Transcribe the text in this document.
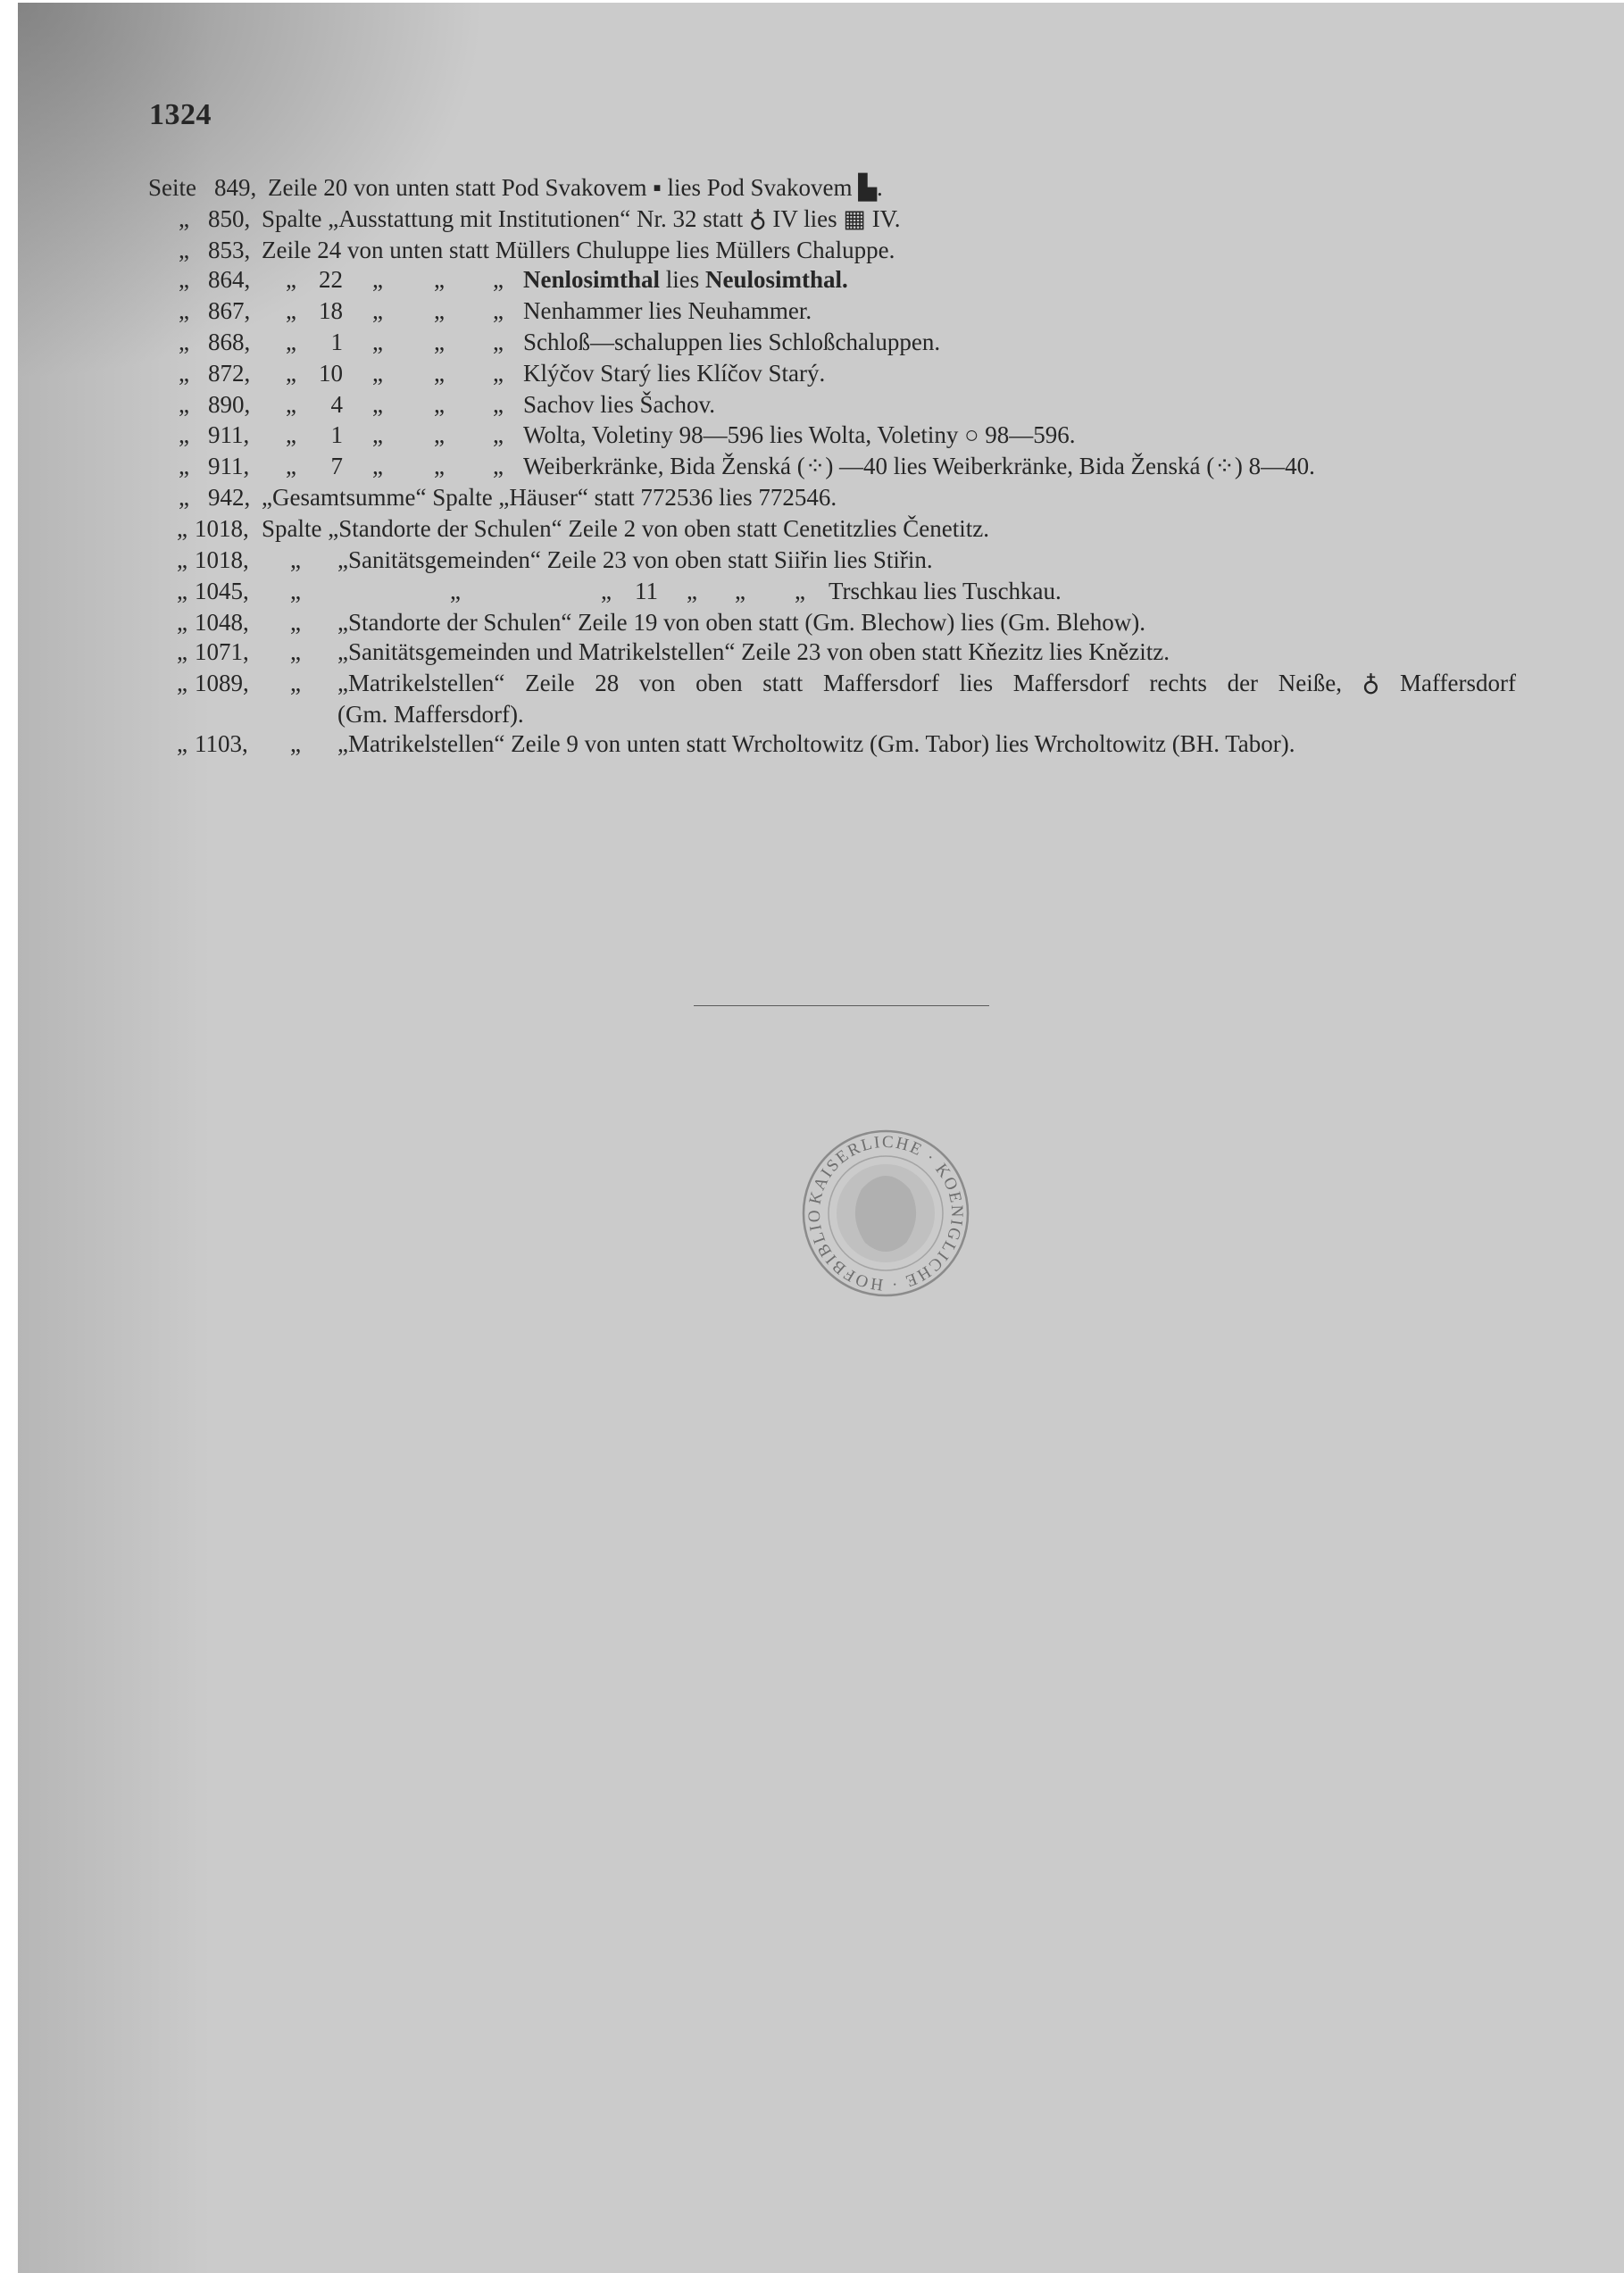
1324
Seite 849, Zeile 20 von unten statt Pod Svakovem ▪ lies Pod Svakovem ▙.
„ 850, Spalte „Ausstattung mit Institutionen“ Nr. 32 statt ♁ IV lies ▦ IV.
„ 853, Zeile 24 von unten statt Müllers Chuluppe lies Müllers Chaluppe.
„ 864, „ 22 „ „ „ Nenlosimthal lies Neulosimthal.
„ 867, „ 18 „ „ „ Nenhammer lies Neuhammer.
„ 868, „	1 „ „ „ Schloß—schaluppen lies Schloßchaluppen.
„ 872, „ 10 „ „ „ Klýčov Starý lies Klíčov Starý.
„ 890, „	4 „ „ „ Sachov lies Šachov.
„ 911, „	1 „ „ „ Wolta, Voletiny 98—596 lies Wolta, Voletiny ○ 98—596.
„ 911, „	7 „ „ „ Weiberkränke, Bida Ženská (⁘) —40 lies Weiberkränke, Bida Ženská (⁘) 8—40.
„ 942, „Gesamtsumme“ Spalte „Häuser“ statt 772536 lies 772546.
„ 1018, Spalte „Standorte der Schulen“ Zeile 2 von oben statt Cenetitzlies Čenetitz.
„ 1018, „ „Sanitätsgemeinden“ Zeile 23 von oben statt Siiřin lies Stiřin.
„ 1045, „	„	„ 11 „ „ „ Trschkau lies Tuschkau.
„ 1048, „ „Standorte der Schulen“ Zeile 19 von oben statt (Gm. Blechow) lies (Gm. Blehow).
„ 1071, „ „Sanitätsgemeinden und Matrikelstellen“ Zeile 23 von oben statt Kňezitz lies Knězitz.
„ 1089, „ „Matrikelstellen“ Zeile 28 von oben statt Maffersdorf lies Maffersdorf rechts der Neiße, ♁ Maffersdorf
(Gm. Maffersdorf).
„ 1103, „ „Matrikelstellen“ Zeile 9 von unten statt Wrcholtowitz (Gm. Tabor) lies Wrcholtowitz (BH. Tabor).
KAISERLICHE · KOENIGLICHE · HOFBIBLIO
